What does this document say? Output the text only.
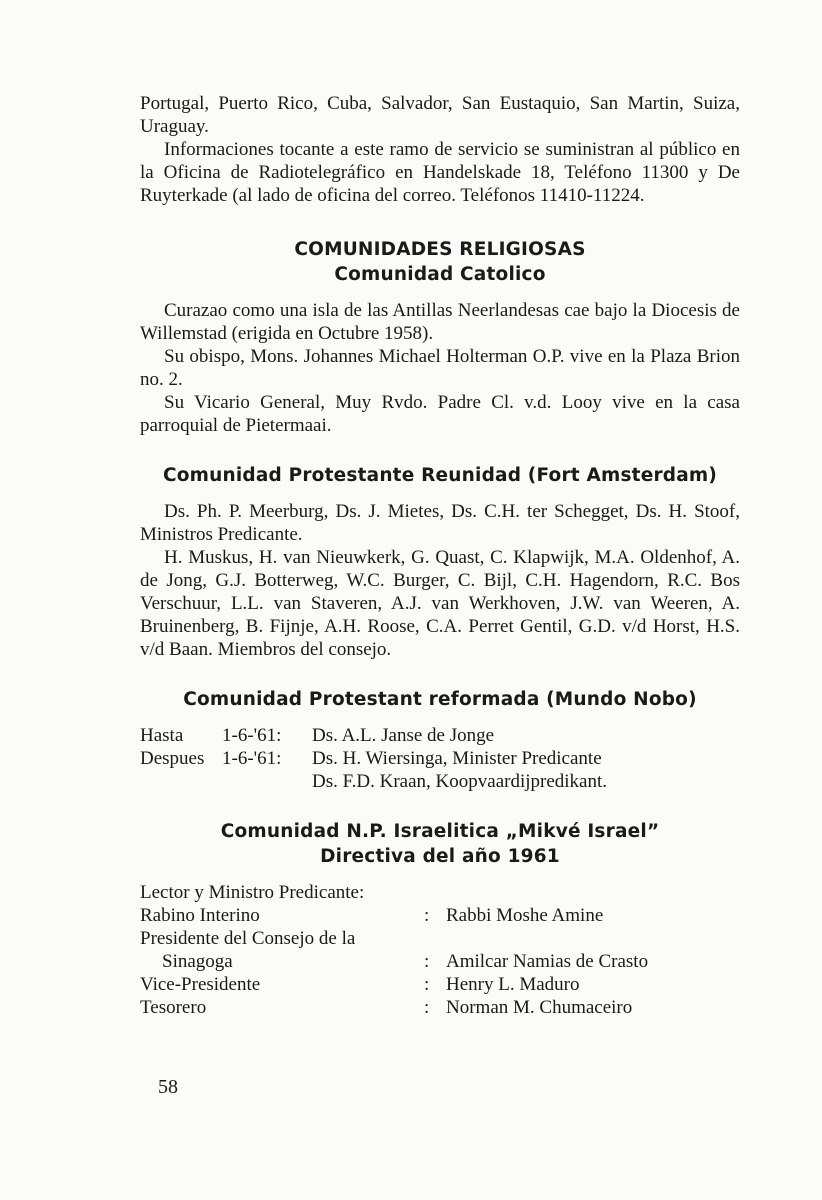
Portugal, Puerto Rico, Cuba, Salvador, San Eustaquio, San Martin, Suiza, Uraguay.

Informaciones tocante a este ramo de servicio se suministran al público en la Oficina de Radiotelegráfico en Handelskade 18, Teléfono 11300 y De Ruyterkade (al lado de oficina del correo. Teléfonos 11410-11224.

COMUNIDADES RELIGIOSAS
Comunidad Catolico

Curazao como una isla de las Antillas Neerlandesas cae bajo la Diocesis de Willemstad (erigida en Octubre 1958).

Su obispo, Mons. Johannes Michael Holterman O.P. vive en la Plaza Brion no. 2.

Su Vicario General, Muy Rvdo. Padre Cl. v.d. Looy vive en la casa parroquial de Pietermaai.

Comunidad Protestante Reunidad (Fort Amsterdam)

Ds. Ph. P. Meerburg, Ds. J. Mietes, Ds. C.H. ter Schegget, Ds. H. Stoof, Ministros Predicante.

H. Muskus, H. van Nieuwkerk, G. Quast, C. Klapwijk, M.A. Oldenhof, A. de Jong, G.J. Botterweg, W.C. Burger, C. Bijl, C.H. Hagendorn, R.C. Bos Verschuur, L.L. van Staveren, A.J. van Werkhoven, J.W. van Weeren, A. Bruinenberg, B. Fijnje, A.H. Roose, C.A. Perret Gentil, G.D. v/d Horst, H.S. v/d Baan. Miembros del consejo.

Comunidad Protestant reformada (Mundo Nobo)
Hasta	1-6-'61:	Ds. A.L. Janse de Jonge
Despues 1-6-'61:	Ds. H. Wiersinga, Minister Predicante
Ds. F.D. Kraan, Koopvaardijpredikant.
Comunidad N.P. Israelitica „Mikvé Israel”
Directiva del año 1961
Lector y Ministro Predicante:
Rabino Interino	: Rabbi Moshe Amine
Presidente del Consejo de la
Sinagoga	: Amilcar Namias de Crasto
Vice-Presidente	: Henry L. Maduro
Tesorero	: Norman M. Chumaceiro
58
